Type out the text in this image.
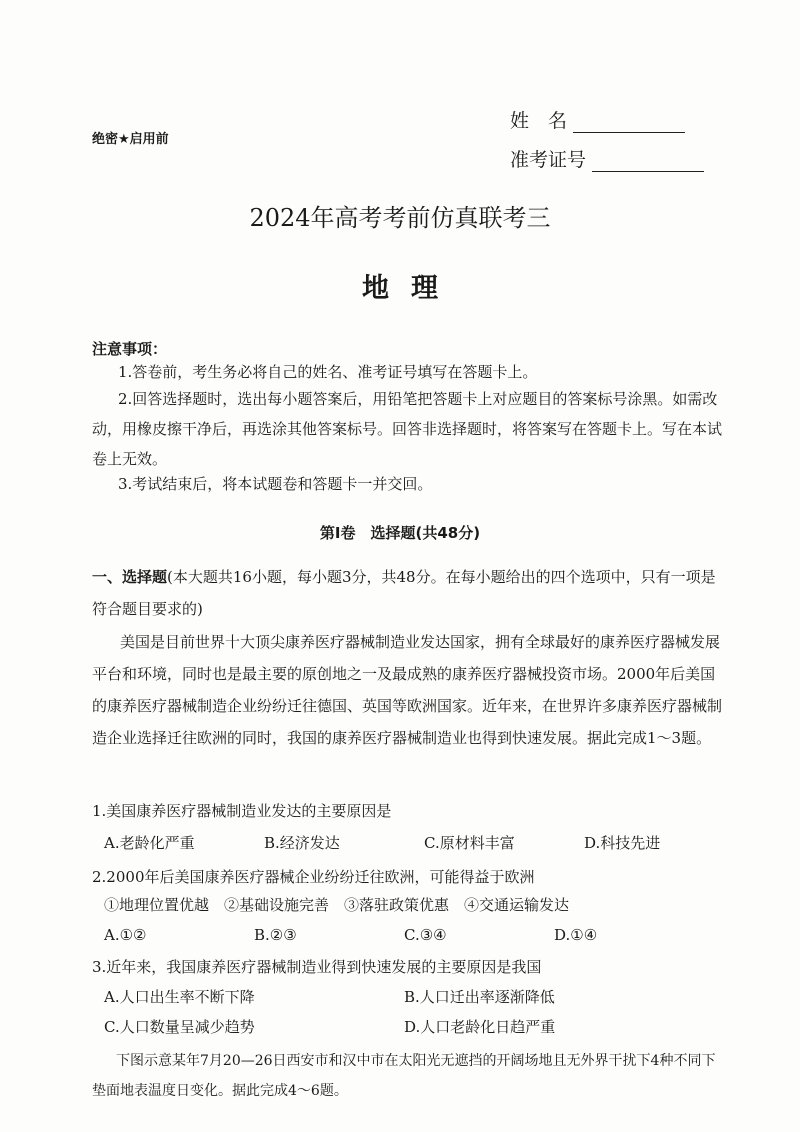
绝密★启用前
姓　名
准考证号
2024年高考考前仿真联考三
地理
注意事项：
1.答卷前，考生务必将自己的姓名、准考证号填写在答题卡上。
2.回答选择题时，选出每小题答案后，用铅笔把答题卡上对应题目的答案标号涂黑。如需改动，用橡皮擦干净后，再选涂其他答案标号。回答非选择题时，将答案写在答题卡上。写在本试卷上无效。
3.考试结束后，将本试题卷和答题卡一并交回。
第Ⅰ卷　选择题(共48分)
一、选择题(本大题共16小题，每小题3分，共48分。在每小题给出的四个选项中，只有一项是符合题目要求的)
美国是目前世界十大顶尖康养医疗器械制造业发达国家，拥有全球最好的康养医疗器械发展平台和环境，同时也是最主要的原创地之一及最成熟的康养医疗器械投资市场。2000年后美国的康养医疗器械制造企业纷纷迁往德国、英国等欧洲国家。近年来，在世界许多康养医疗器械制造企业选择迁往欧洲的同时，我国的康养医疗器械制造业也得到快速发展。据此完成1～3题。
1.美国康养医疗器械制造业发达的主要原因是
A.老龄化严重	B.经济发达	C.原材料丰富	D.科技先进
2.2000年后美国康养医疗器械企业纷纷迁往欧洲，可能得益于欧洲
①地理位置优越　②基础设施完善　③落驻政策优惠　④交通运输发达
A.①②	B.②③	C.③④	D.①④
3.近年来，我国康养医疗器械制造业得到快速发展的主要原因是我国
A.人口出生率不断下降	B.人口迁出率逐渐降低
C.人口数量呈减少趋势	D.人口老龄化日趋严重
下图示意某年7月20—26日西安市和汉中市在太阳光无遮挡的开阔场地且无外界干扰下4种不同下垫面地表温度日变化。据此完成4～6题。
